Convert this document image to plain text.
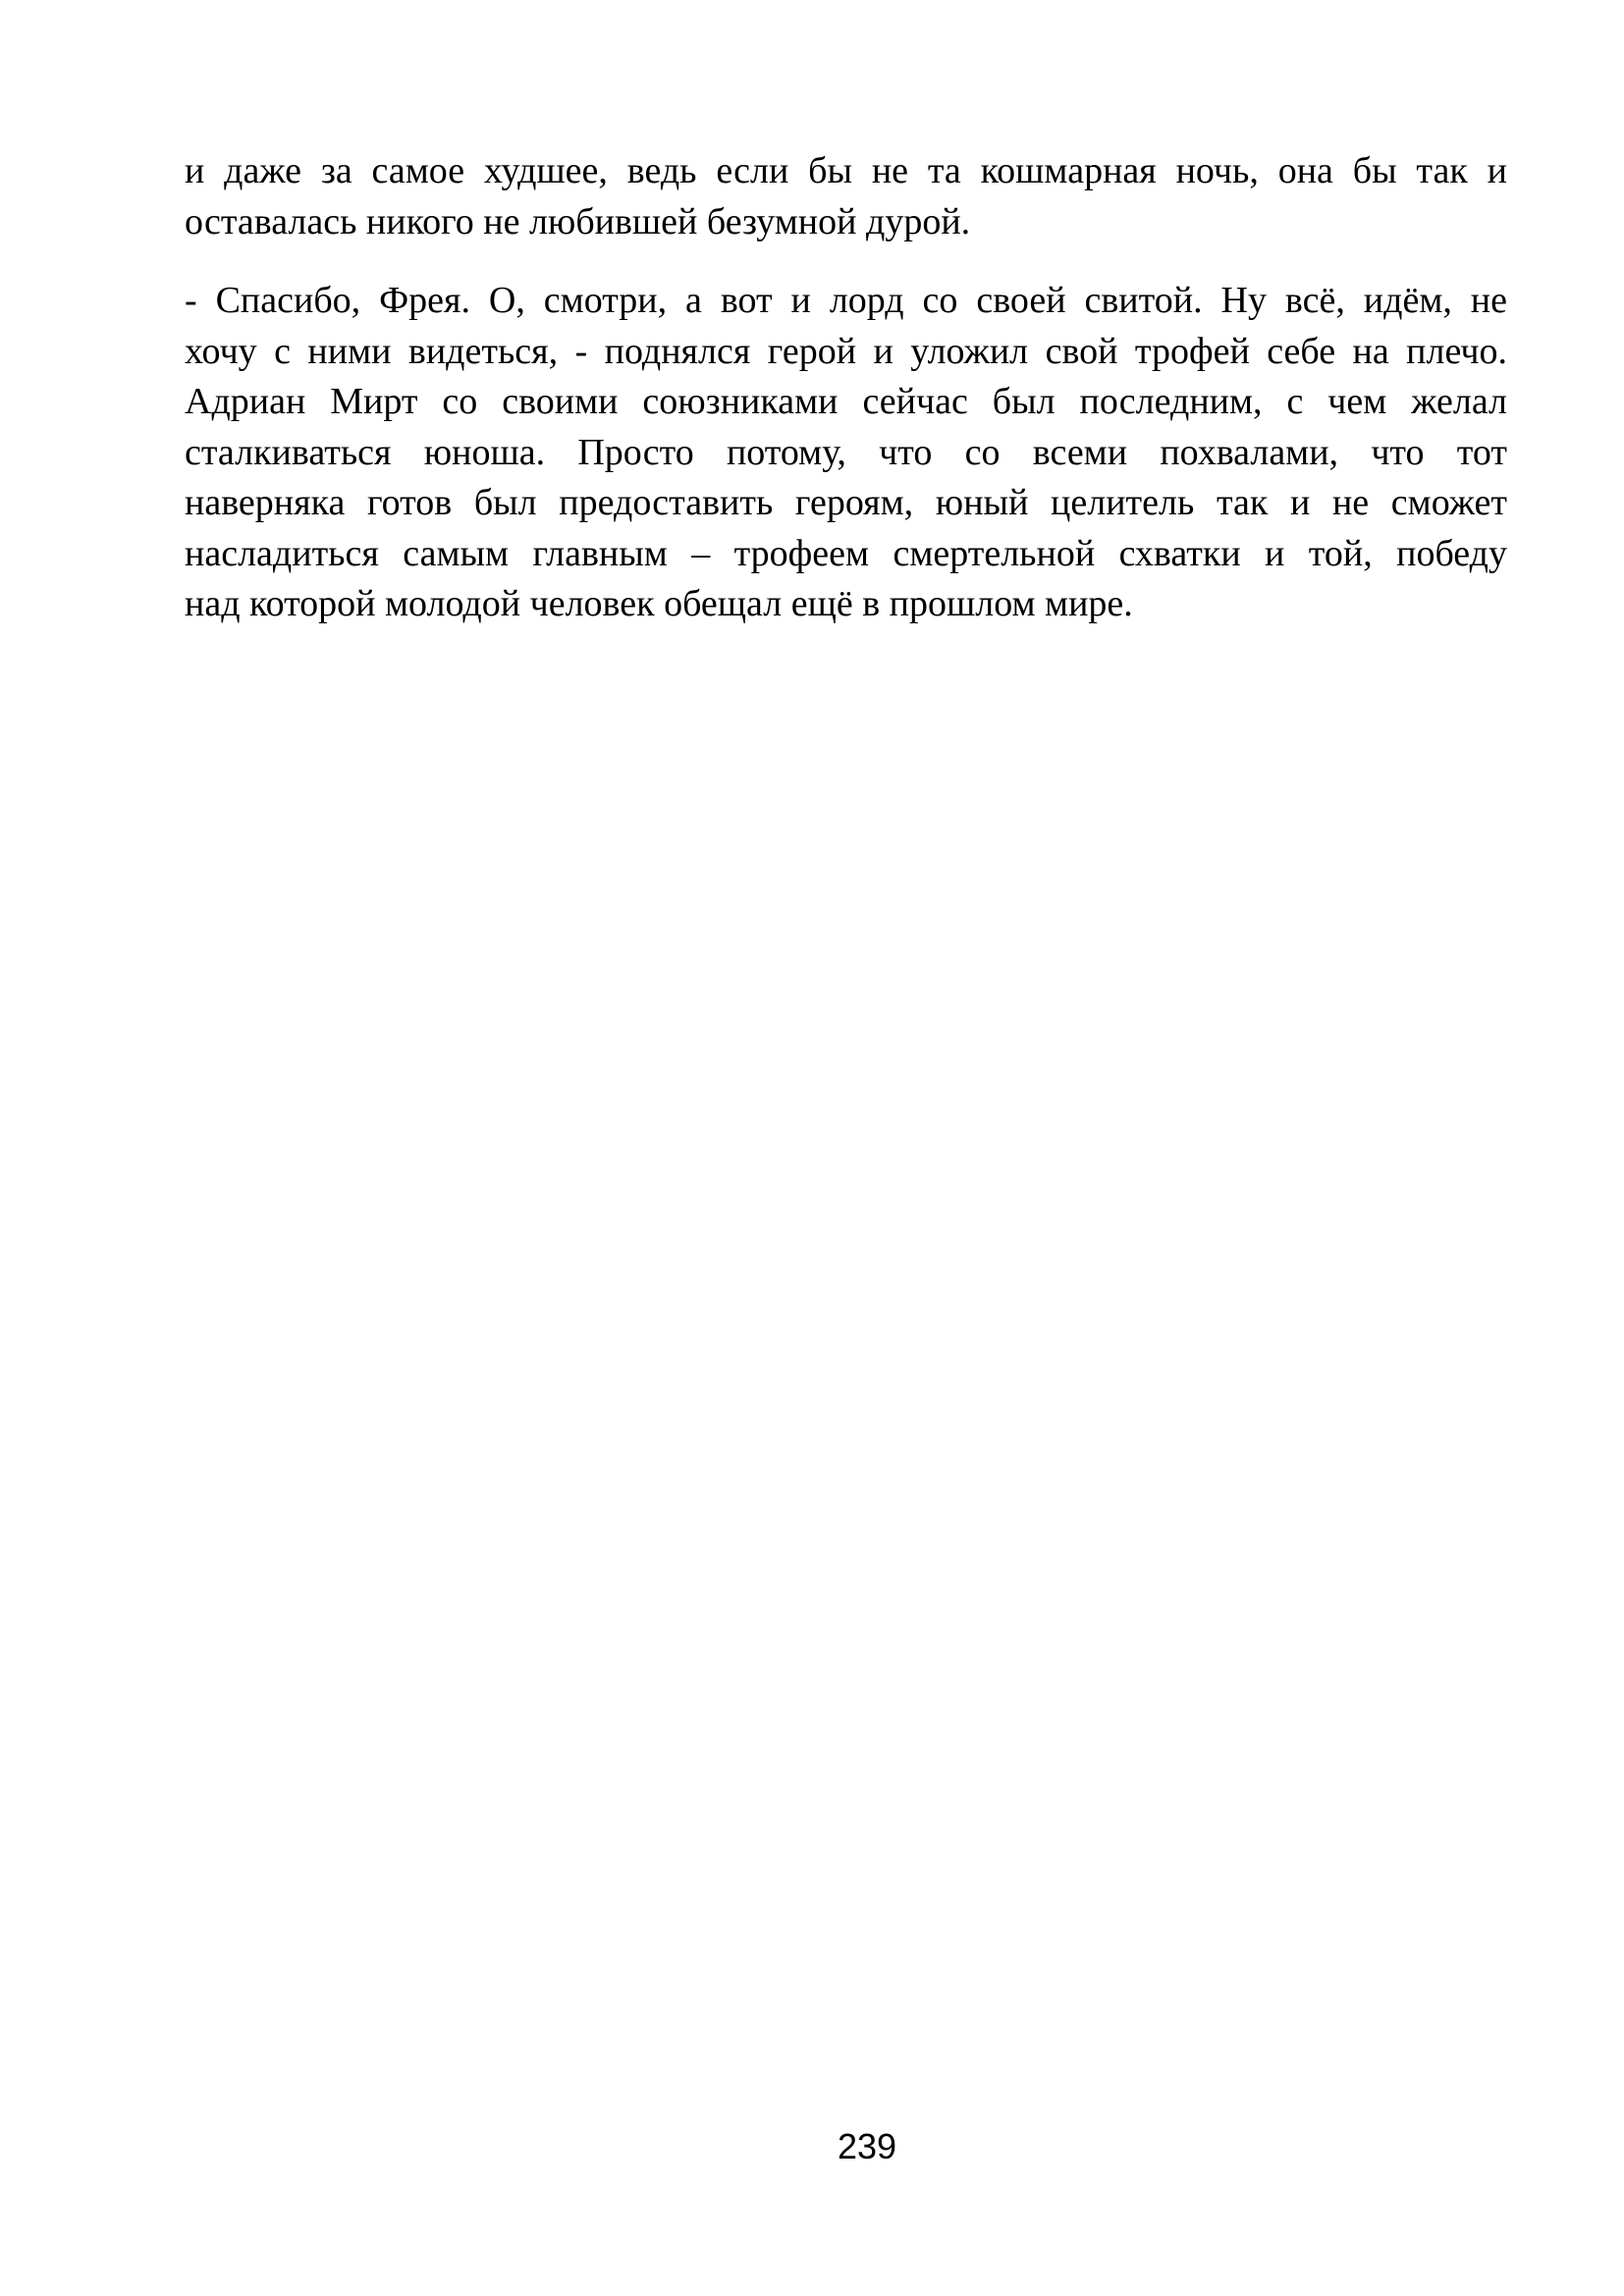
и даже за самое худшее, ведь если бы не та кошмарная ночь, она бы так и
оставалась никого не любившей безумной дурой.
- Спасибо, Фрея. О, смотри, а вот и лорд со своей свитой. Ну всё, идём, не
хочу с ними видеться, - поднялся герой и уложил свой трофей себе на плечо.
Адриан Мирт со своими союзниками сейчас был последним, с чем желал
сталкиваться юноша. Просто потому, что со всеми похвалами, что тот
наверняка готов был предоставить героям, юный целитель так и не сможет
насладиться самым главным – трофеем смертельной схватки и той, победу
над которой молодой человек обещал ещё в прошлом мире.
239
